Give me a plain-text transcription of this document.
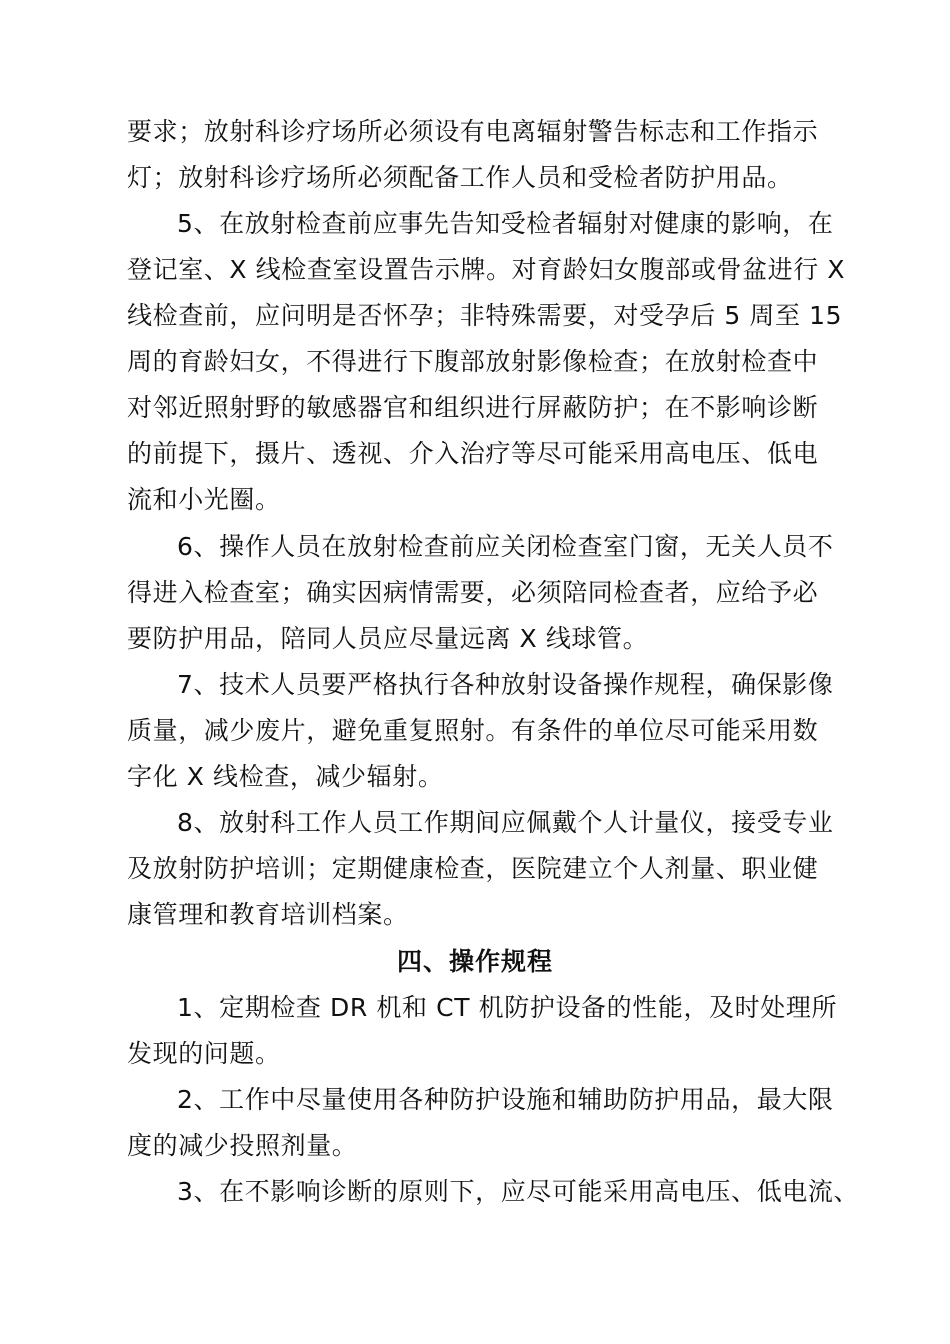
要求；放射科诊疗场所必须设有电离辐射警告标志和工作指示
灯；放射科诊疗场所必须配备工作人员和受检者防护用品。
5、在放射检查前应事先告知受检者辐射对健康的影响，在
登记室、X 线检查室设置告示牌。对育龄妇女腹部或骨盆进行 X
线检查前，应问明是否怀孕；非特殊需要，对受孕后 5 周至 15
周的育龄妇女，不得进行下腹部放射影像检查；在放射检查中
对邻近照射野的敏感器官和组织进行屏蔽防护；在不影响诊断
的前提下，摄片、透视、介入治疗等尽可能采用高电压、低电
流和小光圈。
6、操作人员在放射检查前应关闭检查室门窗，无关人员不
得进入检查室；确实因病情需要，必须陪同检查者，应给予必
要防护用品，陪同人员应尽量远离 X 线球管。
7、技术人员要严格执行各种放射设备操作规程，确保影像
质量，减少废片，避免重复照射。有条件的单位尽可能采用数
字化 X 线检查，减少辐射。
8、放射科工作人员工作期间应佩戴个人计量仪，接受专业
及放射防护培训；定期健康检查，医院建立个人剂量、职业健
康管理和教育培训档案。
四、操作规程
1、定期检查 DR 机和 CT 机防护设备的性能，及时处理所
发现的问题。
2、工作中尽量使用各种防护设施和辅助防护用品，最大限
度的减少投照剂量。
3、在不影响诊断的原则下，应尽可能采用高电压、低电流、
